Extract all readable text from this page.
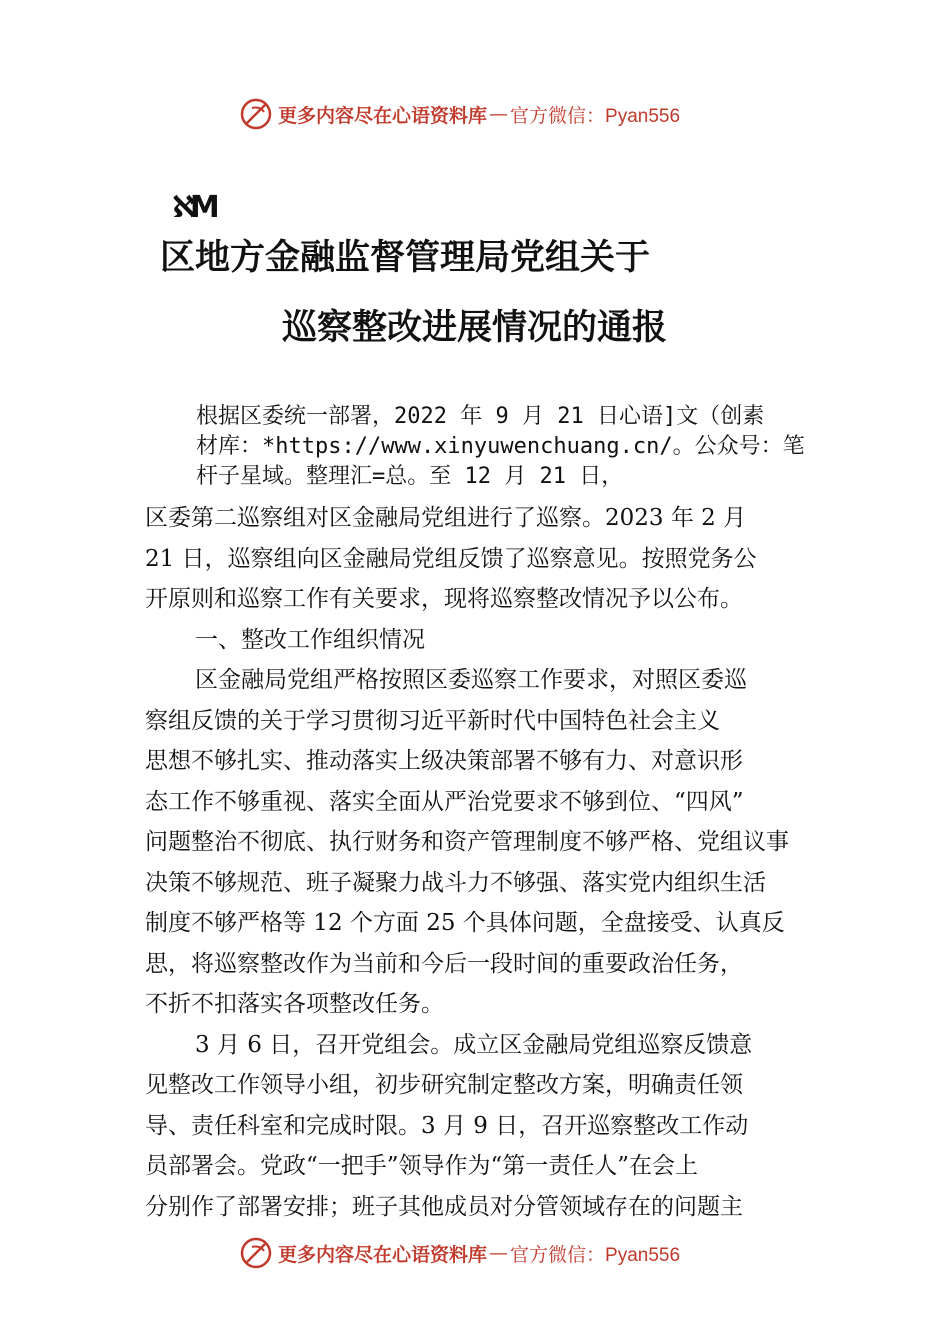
更多内容尽在心语资料库 — 官方微信：Pyan556
ℵM
区地方金融监督管理局党组关于
巡察整改进展情况的通报
根据区委统一部署，2022 年 9 月 21 日心语]文（创素
材库：*https://www.xinyuwenchuang.cn/。公众号：笔
杆子星域。整理汇=总。至 12 月 21 日，
区委第二巡察组对区金融局党组进行了巡察。2023 年 2 月
21 日，巡察组向区金融局党组反馈了巡察意见。按照党务公
开原则和巡察工作有关要求，现将巡察整改情况予以公布。
一、整改工作组织情况
区金融局党组严格按照区委巡察工作要求，对照区委巡
察组反馈的关于学习贯彻习近平新时代中国特色社会主义
思想不够扎实、推动落实上级决策部署不够有力、对意识形
态工作不够重视、落实全面从严治党要求不够到位、“四风”
问题整治不彻底、执行财务和资产管理制度不够严格、党组议事
决策不够规范、班子凝聚力战斗力不够强、落实党内组织生活
制度不够严格等 12 个方面 25 个具体问题，全盘接受、认真反
思，将巡察整改作为当前和今后一段时间的重要政治任务，
不折不扣落实各项整改任务。
3 月 6 日，召开党组会。成立区金融局党组巡察反馈意
见整改工作领导小组，初步研究制定整改方案，明确责任领
导、责任科室和完成时限。3 月 9 日，召开巡察整改工作动
员部署会。党政“一把手”领导作为“第一责任人”在会上
分别作了部署安排；班子其他成员对分管领域存在的问题主
更多内容尽在心语资料库 — 官方微信：Pyan556
